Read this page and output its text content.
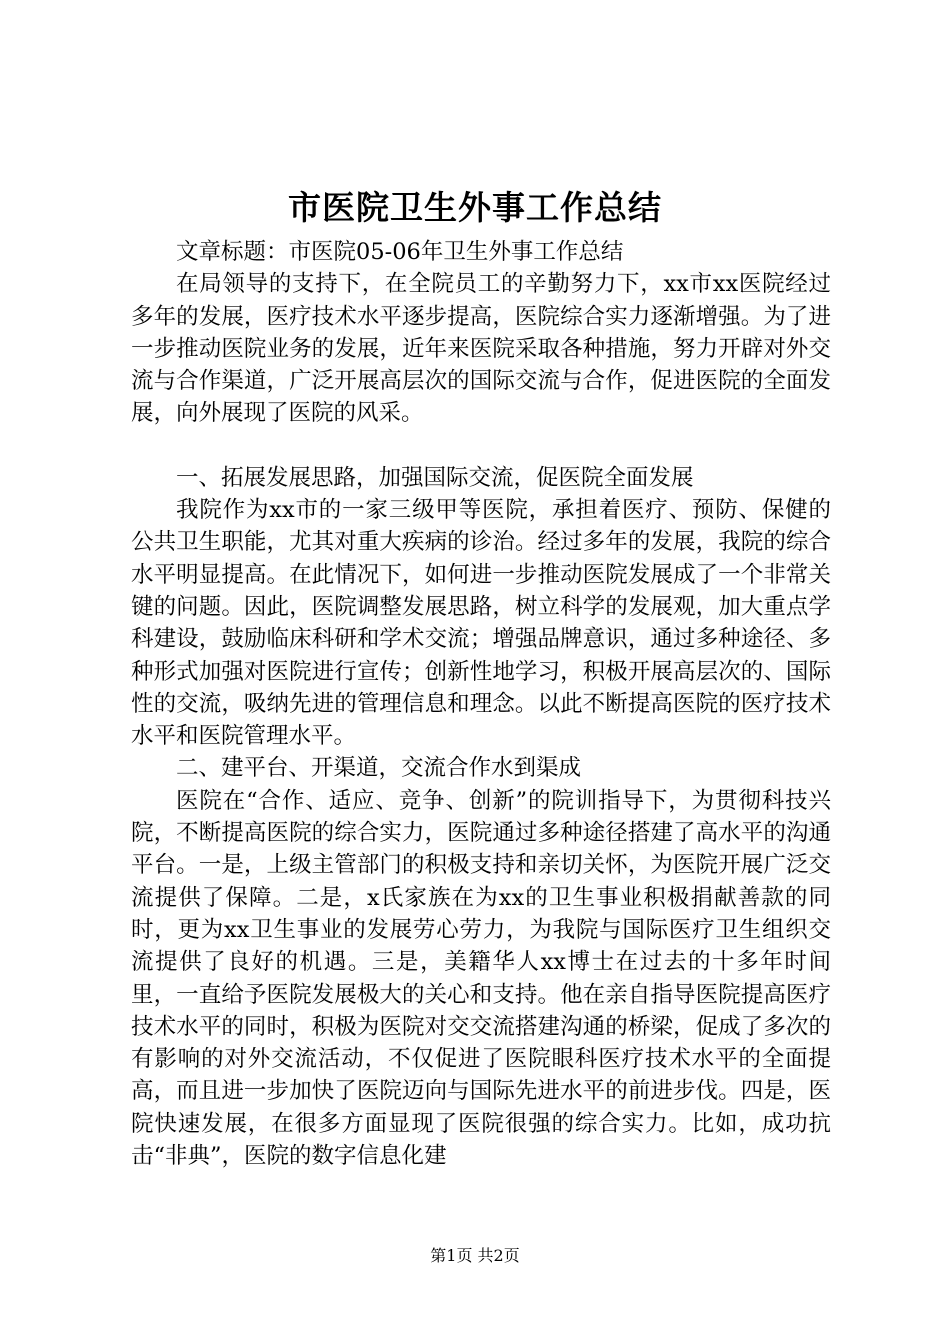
市医院卫生外事工作总结

文章标题：市医院05-06年卫生外事工作总结

在局领导的支持下，在全院员工的辛勤努力下，xx市xx医院经过多年的发展，医疗技术水平逐步提高，医院综合实力逐渐增强。为了进一步推动医院业务的发展，近年来医院采取各种措施，努力开辟对外交流与合作渠道，广泛开展高层次的国际交流与合作，促进医院的全面发展，向外展现了医院的风采。

一、拓展发展思路，加强国际交流，促医院全面发展

我院作为xx市的一家三级甲等医院，承担着医疗、预防、保健的公共卫生职能，尤其对重大疾病的诊治。经过多年的发展，我院的综合水平明显提高。在此情况下，如何进一步推动医院发展成了一个非常关键的问题。因此，医院调整发展思路，树立科学的发展观，加大重点学科建设，鼓励临床科研和学术交流；增强品牌意识，通过多种途径、多种形式加强对医院进行宣传；创新性地学习，积极开展高层次的、国际性的交流，吸纳先进的管理信息和理念。以此不断提高医院的医疗技术水平和医院管理水平。

二、建平台、开渠道，交流合作水到渠成

医院在“合作、适应、竞争、创新”的院训指导下，为贯彻科技兴院，不断提高医院的综合实力，医院通过多种途径搭建了高水平的沟通平台。一是，上级主管部门的积极支持和亲切关怀，为医院开展广泛交流提供了保障。二是，x氏家族在为xx的卫生事业积极捐献善款的同时，更为xx卫生事业的发展劳心劳力，为我院与国际医疗卫生组织交流提供了良好的机遇。三是，美籍华人xx博士在过去的十多年时间里，一直给予医院发展极大的关心和支持。他在亲自指导医院提高医疗技术水平的同时，积极为医院对交交流搭建沟通的桥梁，促成了多次的有影响的对外交流活动，不仅促进了医院眼科医疗技术水平的全面提高，而且进一步加快了医院迈向与国际先进水平的前进步伐。四是，医院快速发展，在很多方面显现了医院很强的综合实力。比如，成功抗击“非典”，医院的数字信息化建

第1页 共2页
